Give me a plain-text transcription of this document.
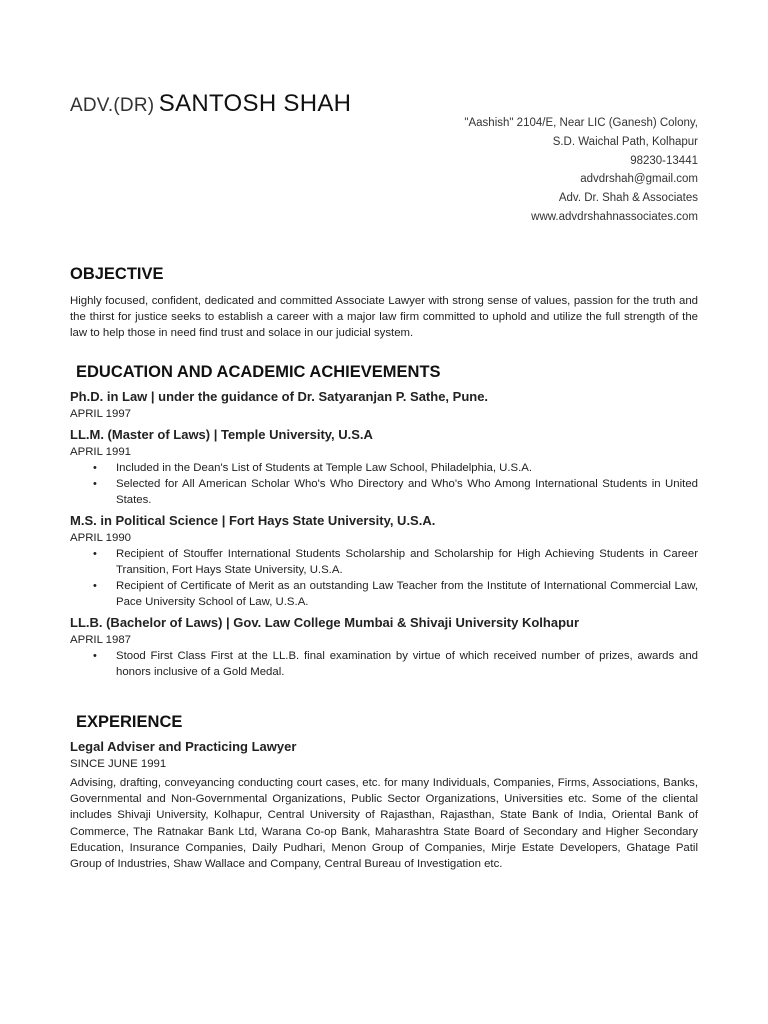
ADV.(DR) SANTOSH SHAH
"Aashish" 2104/E, Near LIC (Ganesh) Colony,
S.D. Waichal Path, Kolhapur
98230-13441
advdrshah@gmail.com
Adv. Dr. Shah & Associates
www.advdrshahnassociates.com
OBJECTIVE
Highly focused, confident, dedicated and committed Associate Lawyer with strong sense of values, passion for the truth and the thirst for justice seeks to establish a career with a major law firm committed to uphold and utilize the full strength of the law to help those in need find trust and solace in our judicial system.
EDUCATION AND ACADEMIC ACHIEVEMENTS
Ph.D. in Law | under the guidance of Dr. Satyaranjan P. Sathe, Pune.
APRIL 1997
LL.M. (Master of Laws) | Temple University, U.S.A
APRIL 1991
• Included in the Dean's List of Students at Temple Law School, Philadelphia, U.S.A.
• Selected for All American Scholar Who's Who Directory and Who's Who Among International Students in United States.
M.S. in Political Science | Fort Hays State University, U.S.A.
APRIL 1990
• Recipient of Stouffer International Students Scholarship and Scholarship for High Achieving Students in Career Transition, Fort Hays State University, U.S.A.
• Recipient of Certificate of Merit as an outstanding Law Teacher from the Institute of International Commercial Law, Pace University School of Law, U.S.A.
LL.B. (Bachelor of Laws) | Gov. Law College Mumbai & Shivaji University Kolhapur
APRIL 1987
• Stood First Class First at the LL.B. final examination by virtue of which received number of prizes, awards and honors inclusive of a Gold Medal.
EXPERIENCE
Legal Adviser and Practicing Lawyer
SINCE JUNE 1991
Advising, drafting, conveyancing conducting court cases, etc. for many Individuals, Companies, Firms, Associations, Banks, Governmental and Non-Governmental Organizations, Public Sector Organizations, Universities etc. Some of the cliental includes Shivaji University, Kolhapur, Central University of Rajasthan, Rajasthan, State Bank of India, Oriental Bank of Commerce, The Ratnakar Bank Ltd, Warana Co-op Bank, Maharashtra State Board of Secondary and Higher Secondary Education, Insurance Companies, Daily Pudhari, Menon Group of Companies, Mirje Estate Developers, Ghatage Patil Group of Industries, Shaw Wallace and Company, Central Bureau of Investigation etc.
